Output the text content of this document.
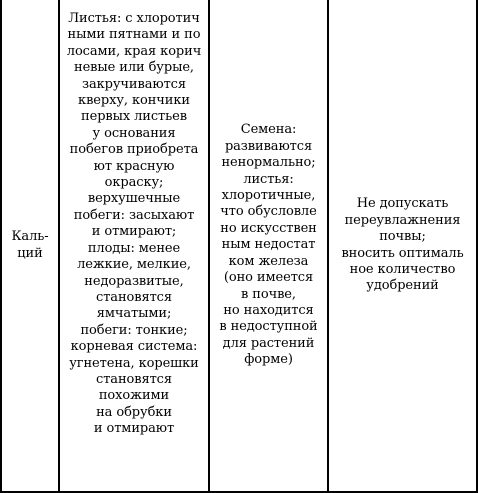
Каль-
ций
Листья: с хлоротич
ными пятнами и по
лосами, края корич
невые или бурые,
закручиваются
кверху, кончики
первых листьев
у основания
побегов приобрета
ют красную
окраску;
верхушечные
побеги: засыхают
и отмирают;
плоды: менее
лежкие, мелкие,
недоразвитые,
становятся
ямчатыми;
побеги: тонкие;
корневая система:
угнетена, корешки
становятся
похожими
на обрубки
и отмирают
Семена:
развиваются
ненормально;
листья:
хлоротичные,
что обусловле
но искусствен
ным недостат
ком железа
(оно имеется
в почве,
но находится
в недоступной
для растений
форме)
Не допускать
переувлажнения
почвы;
вносить оптималь
ное количество
удобрений
